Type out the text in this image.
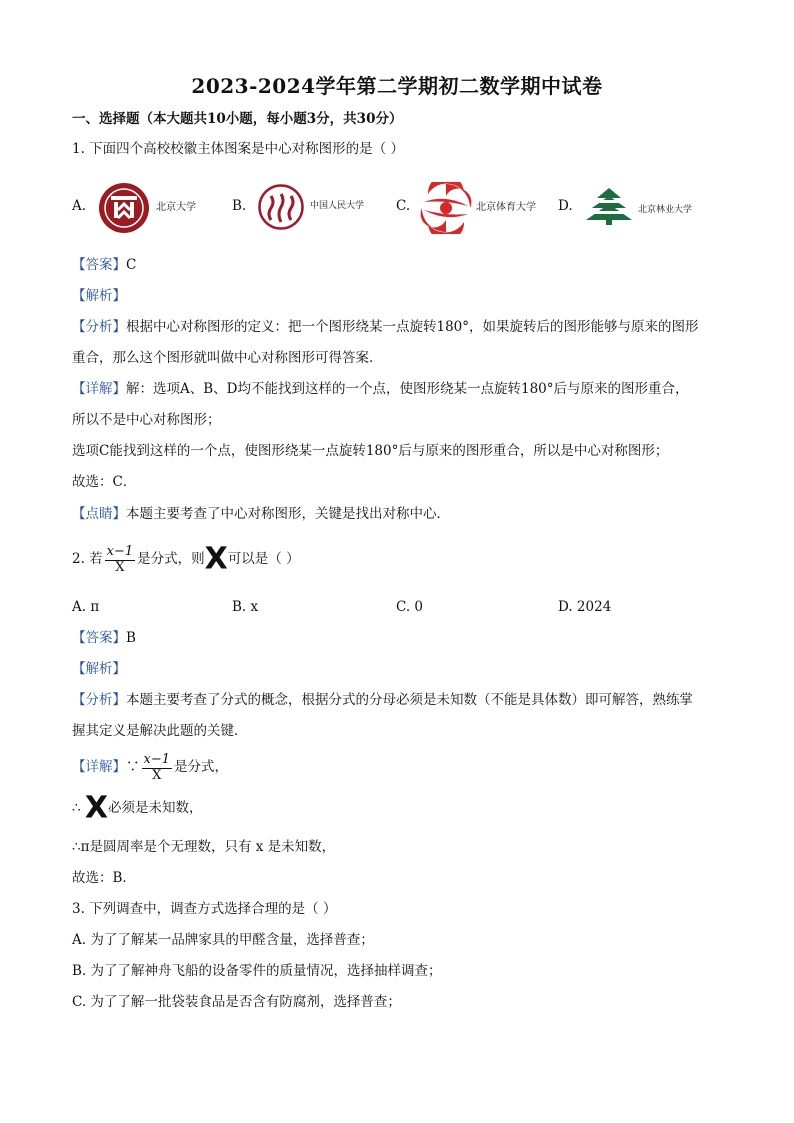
2023-2024学年第二学期初二数学期中试卷
一、选择题（本大题共10小题，每小题3分，共30分）
1. 下面四个高校校徽主体图案是中心对称图形的是（ ）
A.	北京大学	B.	中国人民大学 C.	北京体育大学 D.	北京林业大学
【答案】C
【解析】
【分析】根据中心对称图形的定义：把一个图形绕某一点旋转180°，如果旋转后的图形能够与原来的图形
重合，那么这个图形就叫做中心对称图形可得答案．
【详解】解：选项A、B、D均不能找到这样的一个点，使图形绕某一点旋转180°后与原来的图形重合，
所以不是中心对称图形；
选项C能找到这样的一个点，使图形绕某一点旋转180°后与原来的图形重合，所以是中心对称图形；
故选：C．
【点睛】本题主要考查了中心对称图形，关键是找出对称中心．
2. 若 $\frac{x-1}{X}$ 是分式，则X可以是（ ）
A. π	B. x	C. 0	D. 2024
【答案】B
【解析】
【分析】本题主要考查了分式的概念，根据分式的分母必须是未知数（不能是具体数）即可解答，熟练掌
握其定义是解决此题的关键．
【详解】∵ $\frac{x-1}{X}$ 是分式，
∴ X必须是未知数，
∴π是圆周率是个无理数，只有 x 是未知数，
故选：B．
3. 下列调查中，调查方式选择合理的是（ ）
A. 为了了解某一品牌家具的甲醛含量，选择普查；
B. 为了了解神舟飞船的设备零件的质量情况，选择抽样调查；
C. 为了了解一批袋装食品是否含有防腐剂，选择普查；
